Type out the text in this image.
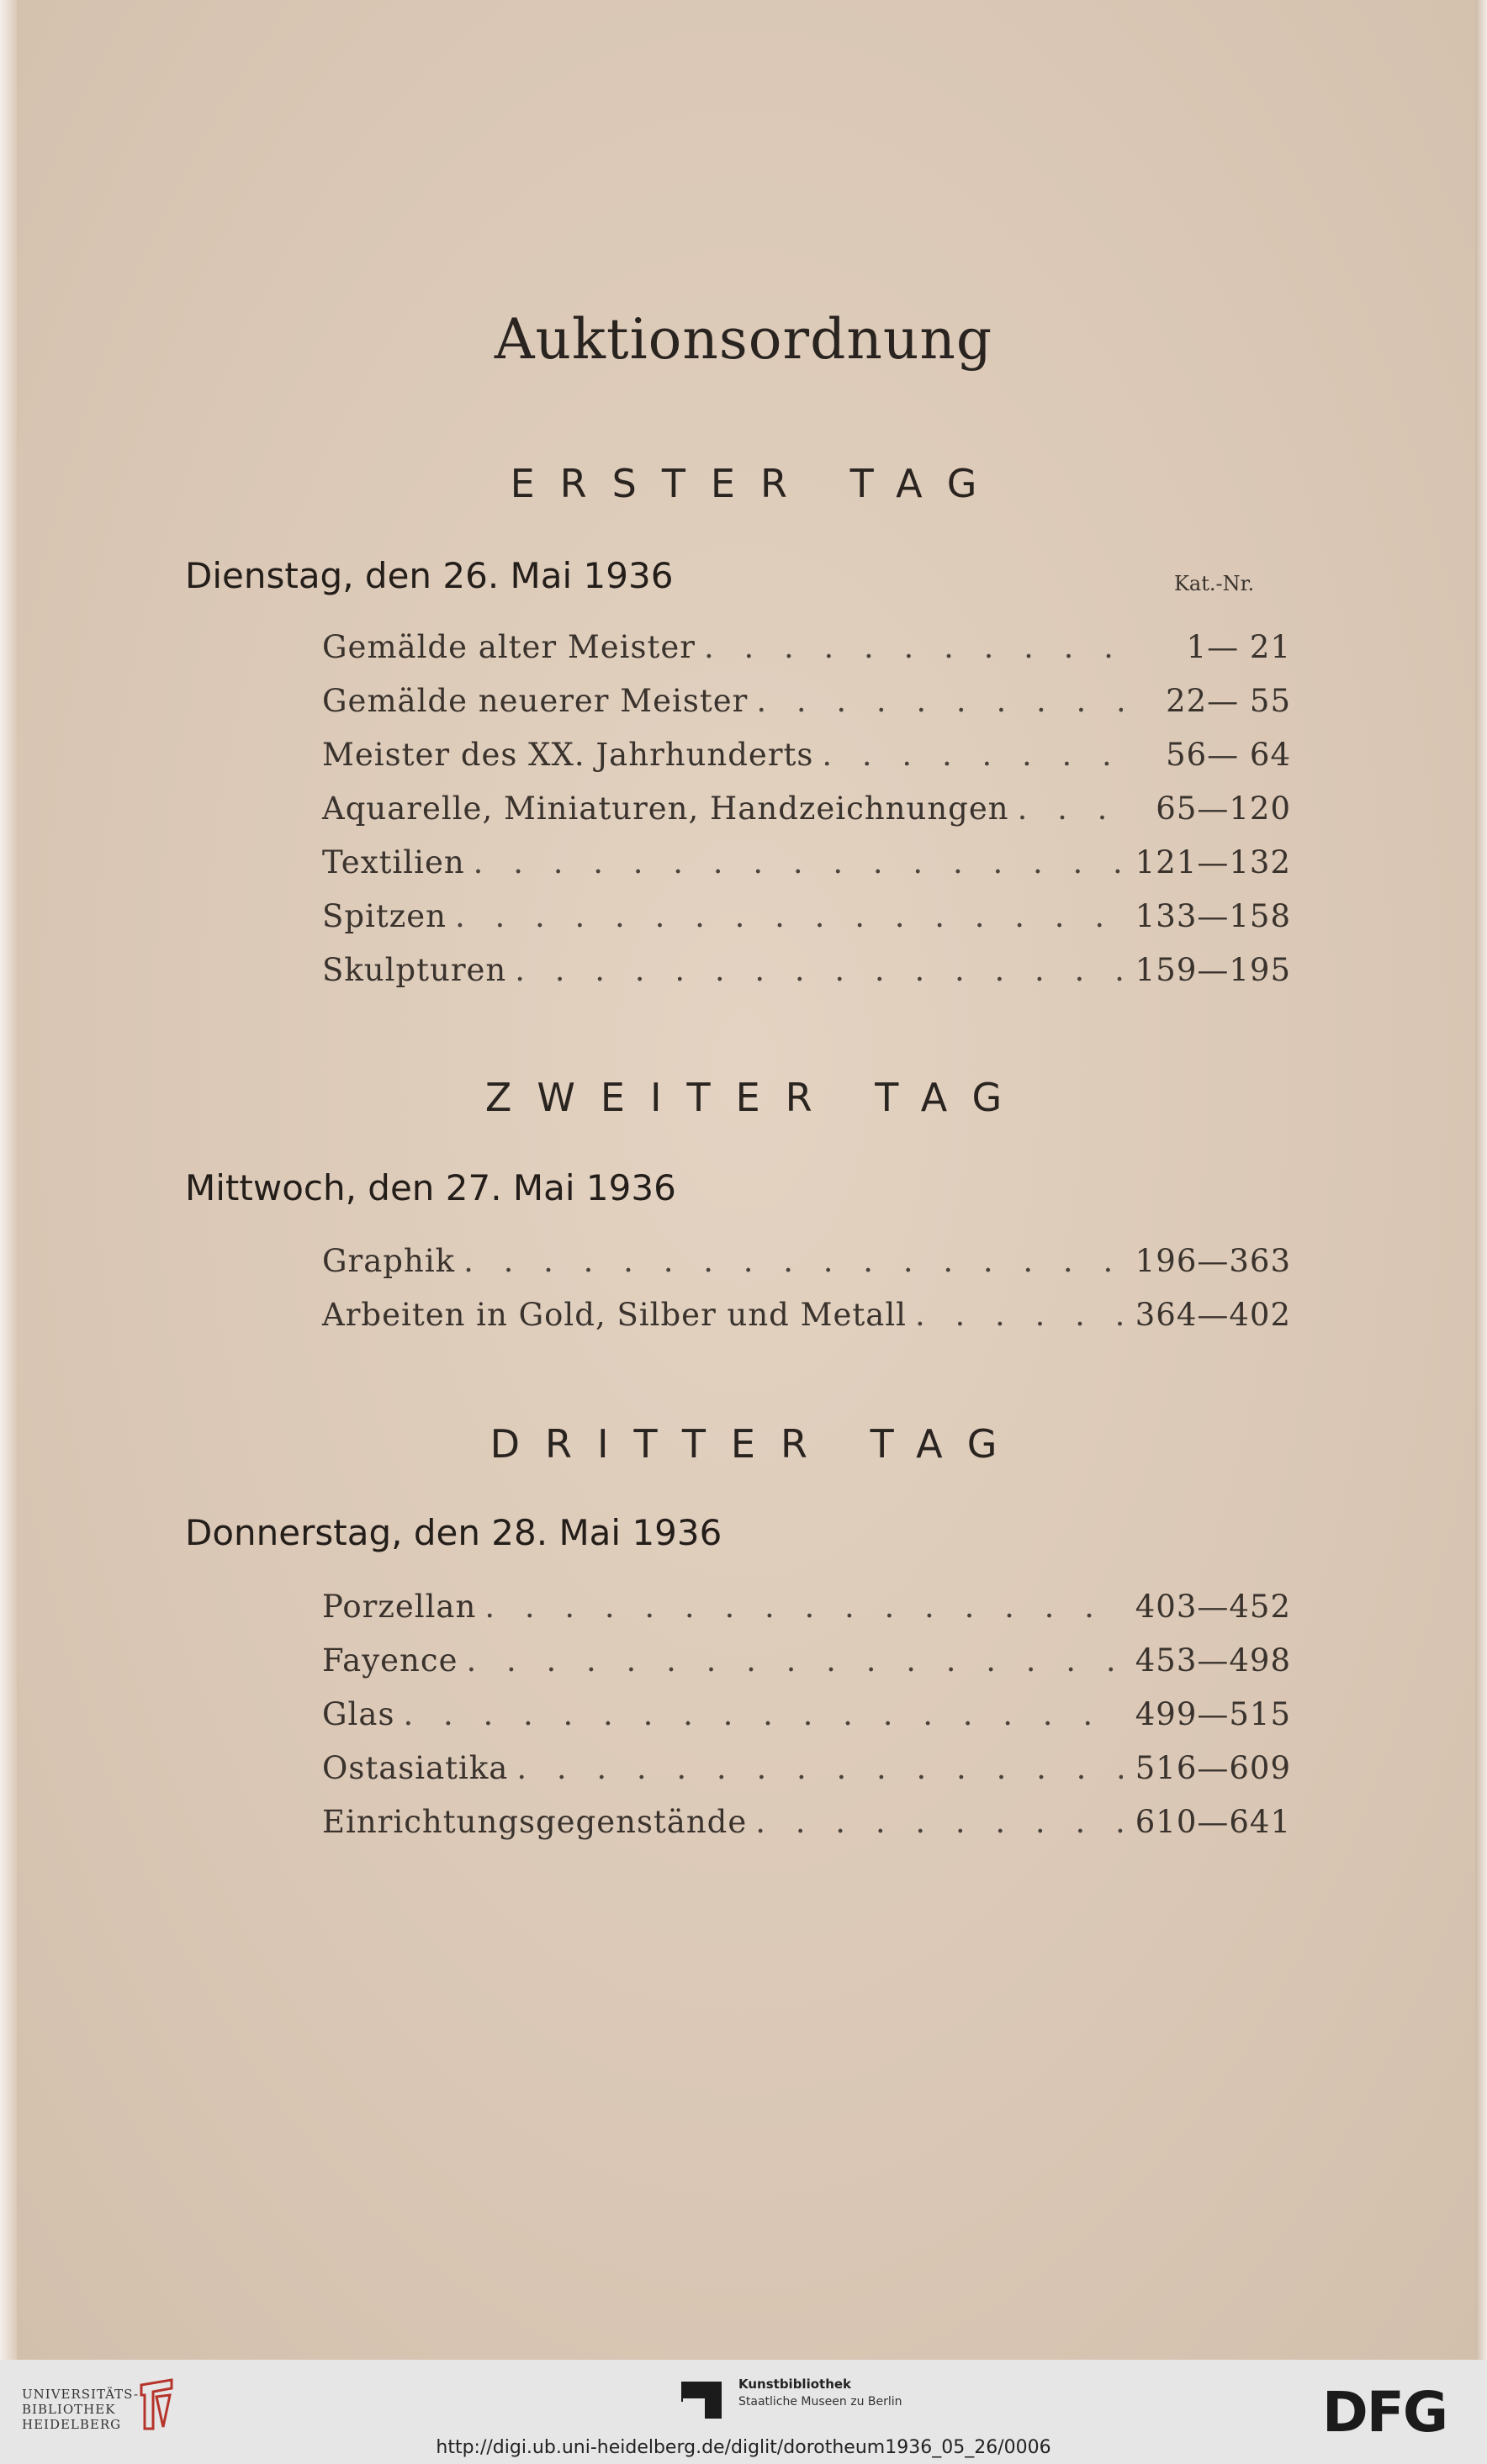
Auktionsordnung
Kat.-Nr.
ERSTER TAG
Dienstag, den 26. Mai 1936
Gemälde alter Meister . . .	1— 21
Gemälde neuerer Meister . . .	22— 55
Meister des XX. Jahrhunderts . . .	56— 64
Aquarelle, Miniaturen, Handzeichnungen . . .	65—120
Textilien . . .	121—132
Spitzen . . .	133—158
Skulpturen . . .	159—195
ZWEITER TAG
Mittwoch, den 27. Mai 1936
Graphik . . .	196—363
Arbeiten in Gold, Silber und Metall . . .	364—402
DRITTER TAG
Donnerstag, den 28. Mai 1936
Porzellan . . .	403—452
Fayence . . .	453—498
Glas . . .	499—515
Ostasiatika . . .	516—609
Einrichtungsgegenstände . . .	610—641
UNIVERSITÄTS-
BIBLIOTHEK
HEIDELBERG
Kunstbibliothek
Staatliche Museen zu Berlin	DFG
http://digi.ub.uni-heidelberg.de/diglit/dorotheum1936_05_26/0006
